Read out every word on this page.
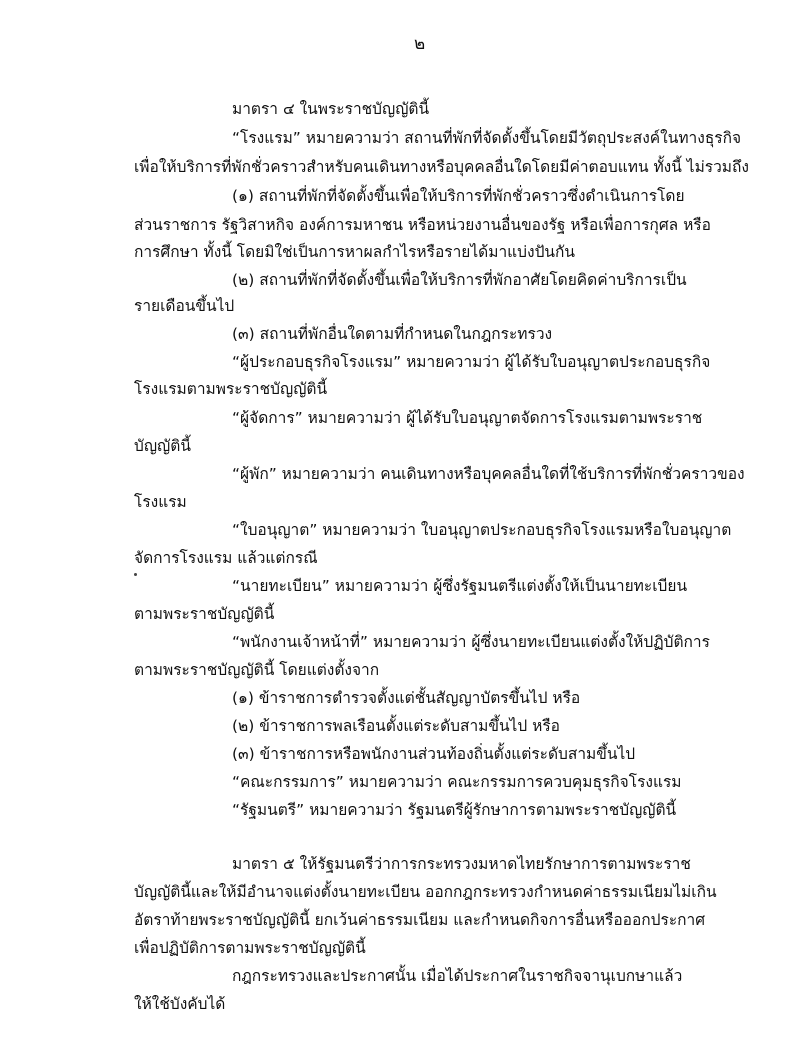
๒
มาตรา ๔ ในพระราชบัญญัตินี้
“โรงแรม” หมายความว่า สถานที่พักที่จัดตั้งขึ้นโดยมีวัตถุประสงค์ในทางธุรกิจ
เพื่อให้บริการที่พักชั่วคราวสำหรับคนเดินทางหรือบุคคลอื่นใดโดยมีค่าตอบแทน ทั้งนี้ ไม่รวมถึง
(๑) สถานที่พักที่จัดตั้งขึ้นเพื่อให้บริการที่พักชั่วคราวซึ่งดำเนินการโดย
ส่วนราชการ รัฐวิสาหกิจ องค์การมหาชน หรือหน่วยงานอื่นของรัฐ หรือเพื่อการกุศล หรือ
การศึกษา ทั้งนี้ โดยมิใช่เป็นการหาผลกำไรหรือรายได้มาแบ่งปันกัน
(๒) สถานที่พักที่จัดตั้งขึ้นเพื่อให้บริการที่พักอาศัยโดยคิดค่าบริการเป็น
รายเดือนขึ้นไป
(๓) สถานที่พักอื่นใดตามที่กำหนดในกฎกระทรวง
“ผู้ประกอบธุรกิจโรงแรม” หมายความว่า ผู้ได้รับใบอนุญาตประกอบธุรกิจ
โรงแรมตามพระราชบัญญัตินี้
“ผู้จัดการ” หมายความว่า ผู้ได้รับใบอนุญาตจัดการโรงแรมตามพระราช
บัญญัตินี้
“ผู้พัก” หมายความว่า คนเดินทางหรือบุคคลอื่นใดที่ใช้บริการที่พักชั่วคราวของ
โรงแรม
“ใบอนุญาต” หมายความว่า ใบอนุญาตประกอบธุรกิจโรงแรมหรือใบอนุญาต
จัดการโรงแรม แล้วแต่กรณี
“นายทะเบียน” หมายความว่า ผู้ซึ่งรัฐมนตรีแต่งตั้งให้เป็นนายทะเบียน
ตามพระราชบัญญัตินี้
“พนักงานเจ้าหน้าที่” หมายความว่า ผู้ซึ่งนายทะเบียนแต่งตั้งให้ปฏิบัติการ
ตามพระราชบัญญัตินี้ โดยแต่งตั้งจาก
(๑) ข้าราชการตำรวจตั้งแต่ชั้นสัญญาบัตรขึ้นไป หรือ
(๒) ข้าราชการพลเรือนตั้งแต่ระดับสามขึ้นไป หรือ
(๓) ข้าราชการหรือพนักงานส่วนท้องถิ่นตั้งแต่ระดับสามขึ้นไป
“คณะกรรมการ” หมายความว่า คณะกรรมการควบคุมธุรกิจโรงแรม
“รัฐมนตรี” หมายความว่า รัฐมนตรีผู้รักษาการตามพระราชบัญญัตินี้
มาตรา ๕ ให้รัฐมนตรีว่าการกระทรวงมหาดไทยรักษาการตามพระราช
บัญญัตินี้และให้มีอำนาจแต่งตั้งนายทะเบียน ออกกฎกระทรวงกำหนดค่าธรรมเนียมไม่เกิน
อัตราท้ายพระราชบัญญัตินี้ ยกเว้นค่าธรรมเนียม และกำหนดกิจการอื่นหรือออกประกาศ
เพื่อปฏิบัติการตามพระราชบัญญัตินี้
กฎกระทรวงและประกาศนั้น เมื่อได้ประกาศในราชกิจจานุเบกษาแล้ว
ให้ใช้บังคับได้
